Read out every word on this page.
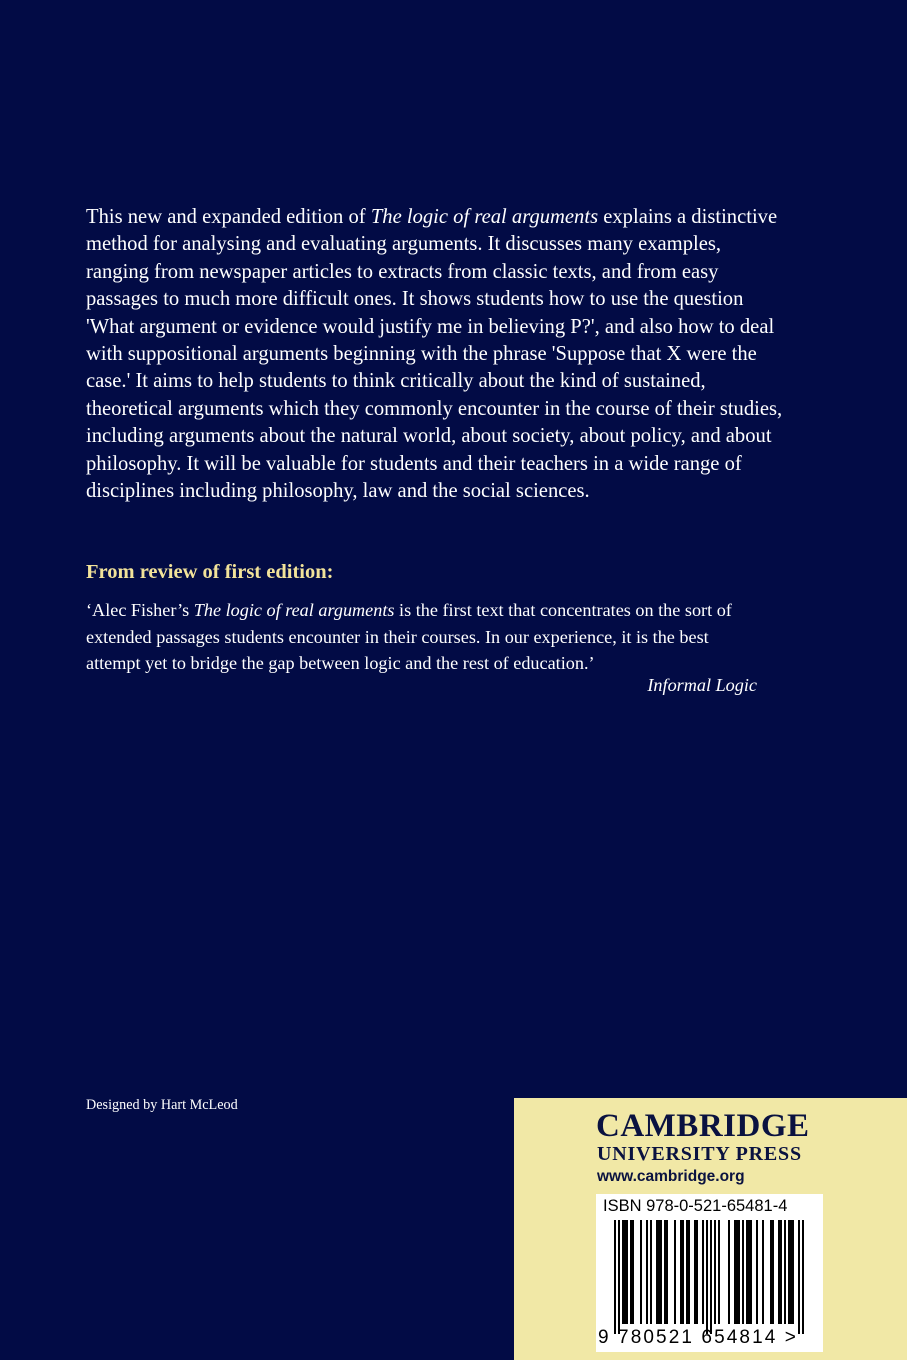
This new and expanded edition of The logic of real arguments explains a distinctive method for analysing and evaluating arguments. It discusses many examples, ranging from newspaper articles to extracts from classic texts, and from easy passages to much more difficult ones. It shows students how to use the question 'What argument or evidence would justify me in believing P?', and also how to deal with suppositional arguments beginning with the phrase 'Suppose that X were the case.' It aims to help students to think critically about the kind of sustained, theoretical arguments which they commonly encounter in the course of their studies, including arguments about the natural world, about society, about policy, and about philosophy. It will be valuable for students and their teachers in a wide range of disciplines including philosophy, law and the social sciences.

From review of first edition:

‘Alec Fisher’s The logic of real arguments is the first text that concentrates on the sort of extended passages students encounter in their courses. In our experience, it is the best attempt yet to bridge the gap between logic and the rest of education.’

Informal Logic

Designed by Hart McLeod

CAMBRIDGE

UNIVERSITY PRESS

www.cambridge.org

ISBN 978-0-521-65481-4

9 780521 654814 >
